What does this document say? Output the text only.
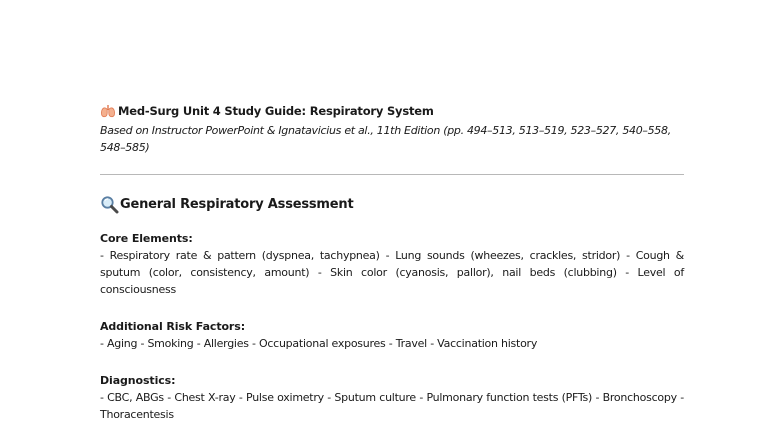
Med-Surg Unit 4 Study Guide: Respiratory System
Based on Instructor PowerPoint & Ignatavicius et al., 11th Edition (pp. 494–513, 513–519, 523–527, 540–558, 548–585)
General Respiratory Assessment
Core Elements:
- Respiratory rate & pattern (dyspnea, tachypnea) - Lung sounds (wheezes, crackles, stridor) - Cough & sputum (color, consistency, amount) - Skin color (cyanosis, pallor), nail beds (clubbing) - Level of consciousness
Additional Risk Factors:
- Aging - Smoking - Allergies - Occupational exposures - Travel - Vaccination history
Diagnostics:
- CBC, ABGs - Chest X-ray - Pulse oximetry - Sputum culture - Pulmonary function tests (PFTs) - Bronchoscopy - Thoracentesis
